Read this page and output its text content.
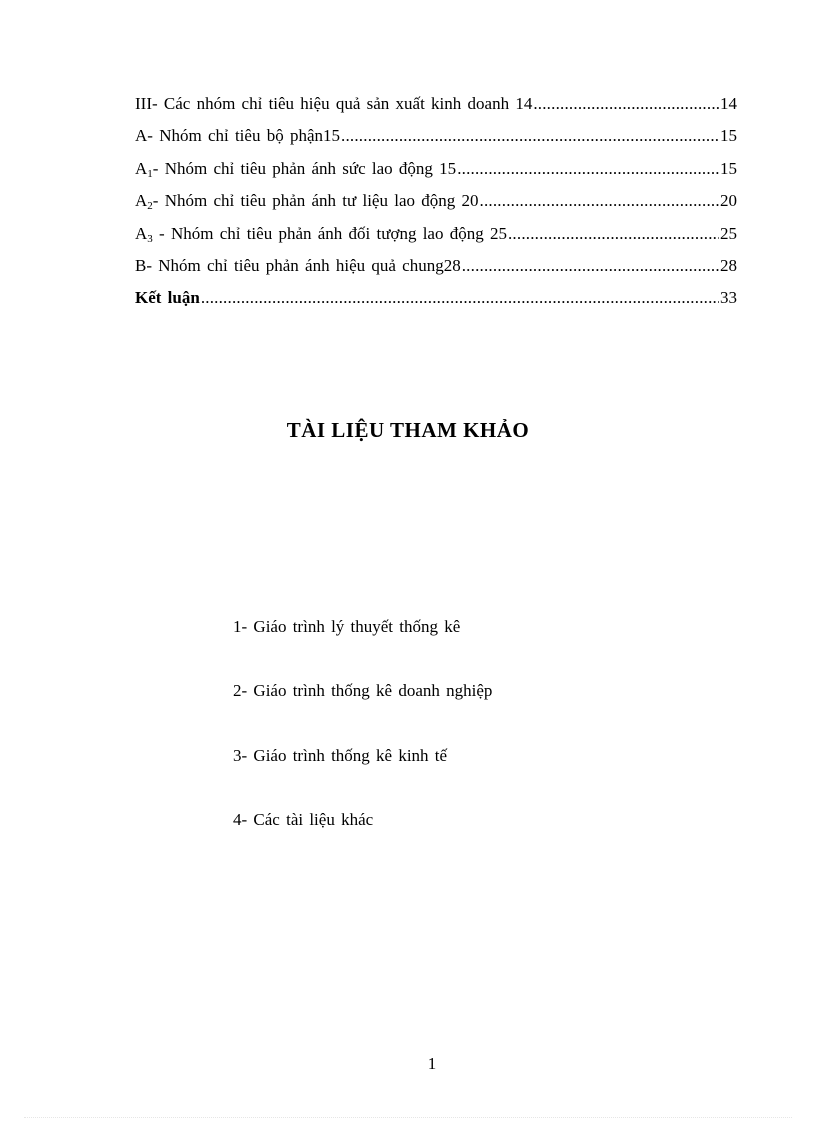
III- Các nhóm chỉ tiêu hiệu quả sản xuất kinh doanh 14 .....	14
A- Nhóm chỉ tiêu bộ phận15 .....	15
$A_1-$ Nhóm chỉ tiêu phản ánh sức lao động 15 .....	15
$A_2-$ Nhóm chỉ tiêu phản ánh tư liệu lao động 20 .....	20
$A_3$ - Nhóm chỉ tiêu phản ánh đối tượng lao động 25 .....	25
B- Nhóm chỉ tiêu phản ánh hiệu quả chung28 .....	28
Kết luận .....	33
TÀI LIỆU THAM KHẢO
1- Giáo trình lý thuyết thống kê
2- Giáo trình thống kê doanh nghiệp
3- Giáo trình thống kê kinh tế
4- Các tài liệu khác
1
